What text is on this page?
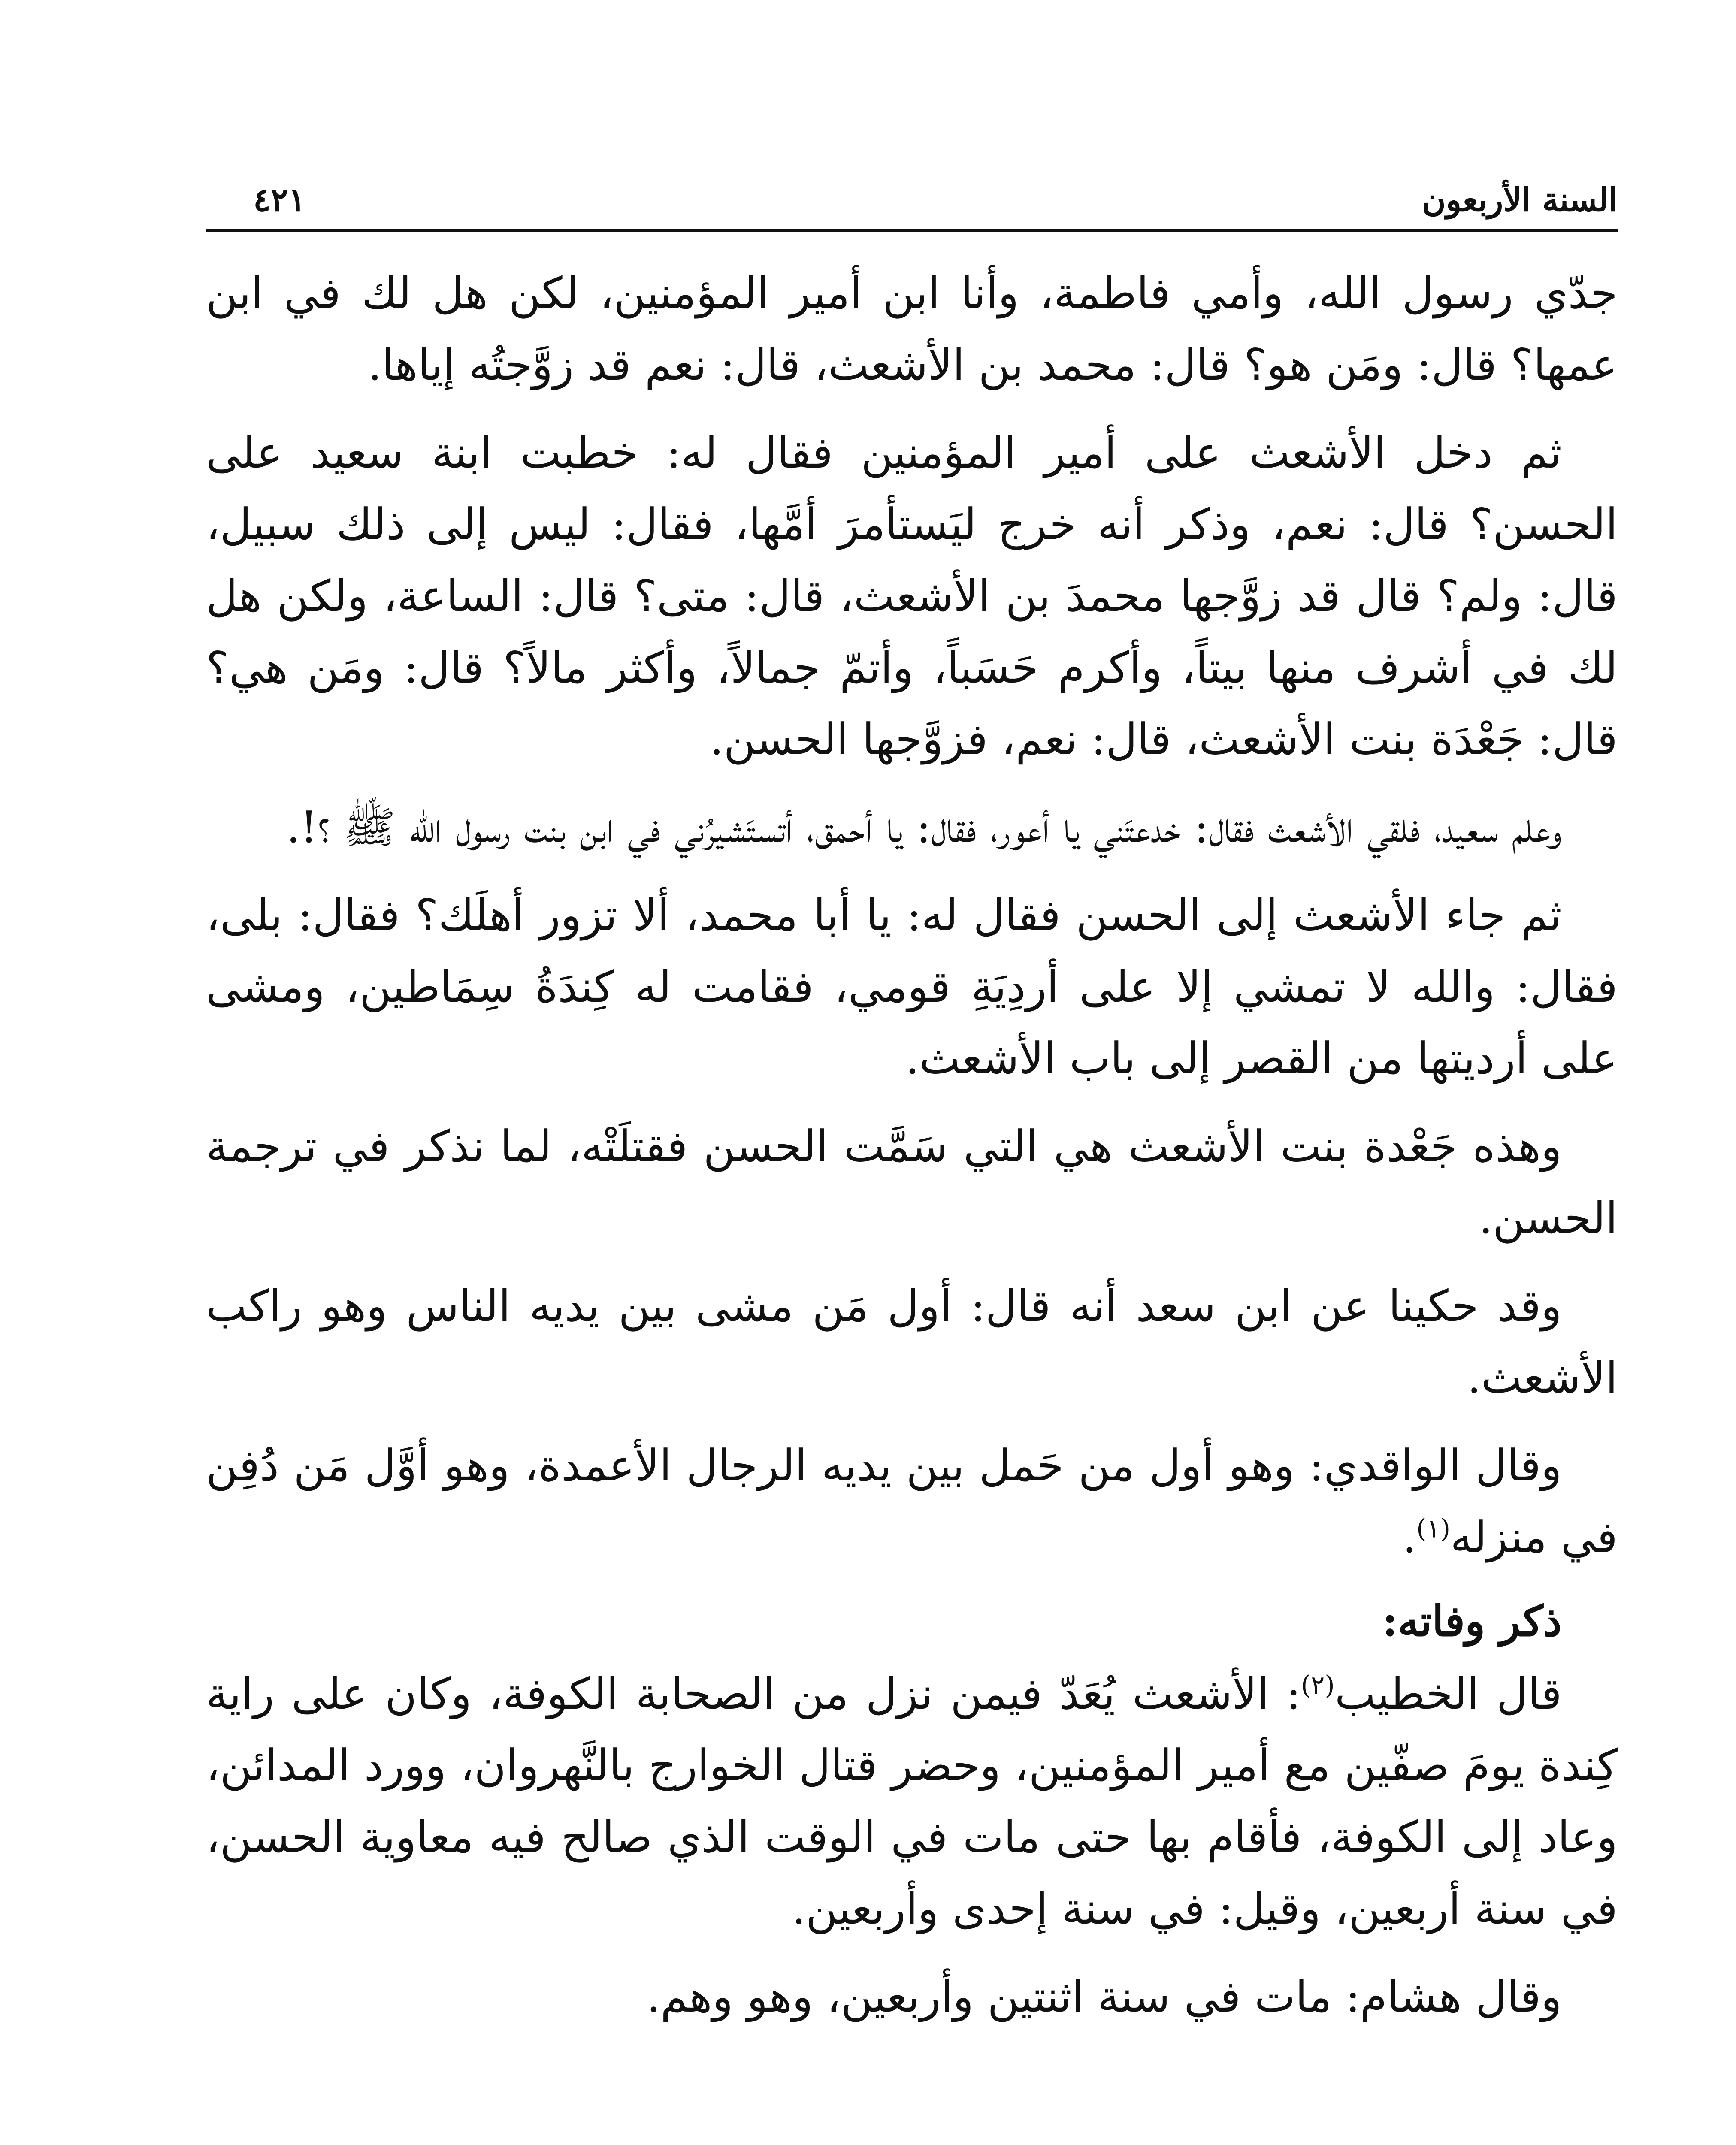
السنة الأربعون
٤٢١

جدّي رسول الله، وأمي فاطمة، وأنا ابن أمير المؤمنين، لكن هل لك في ابن عمها؟ قال: ومَن هو؟ قال: محمد بن الأشعث، قال: نعم قد زوَّجتُه إياها.

ثم دخل الأشعث على أمير المؤمنين فقال له: خطبت ابنة سعيد على الحسن؟ قال: نعم، وذكر أنه خرج ليَستأمرَ أمَّها، فقال: ليس إلى ذلك سبيل، قال: ولم؟ قال قد زوَّجها محمدَ بن الأشعث، قال: متى؟ قال: الساعة، ولكن هل لك في أشرف منها بيتاً، وأكرم حَسَباً، وأتمّ جمالاً، وأكثر مالاً؟ قال: ومَن هي؟ قال: جَعْدَة بنت الأشعث، قال: نعم، فزوَّجها الحسن.

وعلم سعيد، فلقي الأشعث فقال: خدعتَني يا أعور، فقال: يا أحمق، أتستَشيرُني في ابن بنت رسول الله ﷺ ؟!.

ثم جاء الأشعث إلى الحسن فقال له: يا أبا محمد، ألا تزور أهلَك؟ فقال: بلى، فقال: والله لا تمشي إلا على أردِيَةِ قومي، فقامت له كِندَةُ سِمَاطين، ومشى على أرديتها من القصر إلى باب الأشعث.

وهذه جَعْدة بنت الأشعث هي التي سَمَّت الحسن فقتلَتْه، لما نذكر في ترجمة الحسن.

وقد حكينا عن ابن سعد أنه قال: أول مَن مشى بين يديه الناس وهو راكب الأشعث.

وقال الواقدي: وهو أول من حَمل بين يديه الرجال الأعمدة، وهو أوَّل مَن دُفِن في منزله$^{(١)}$.

ذكر وفاته:

قال الخطيب$^{(٢)}$: الأشعث يُعَدّ فيمن نزل من الصحابة الكوفة، وكان على راية كِندة يومَ صفّين مع أمير المؤمنين، وحضر قتال الخوارج بالنَّهروان، وورد المدائن، وعاد إلى الكوفة، فأقام بها حتى مات في الوقت الذي صالح فيه معاوية الحسن، في سنة أربعين، وقيل: في سنة إحدى وأربعين.

وقال هشام: مات في سنة اثنتين وأربعين، وهو وهم.
